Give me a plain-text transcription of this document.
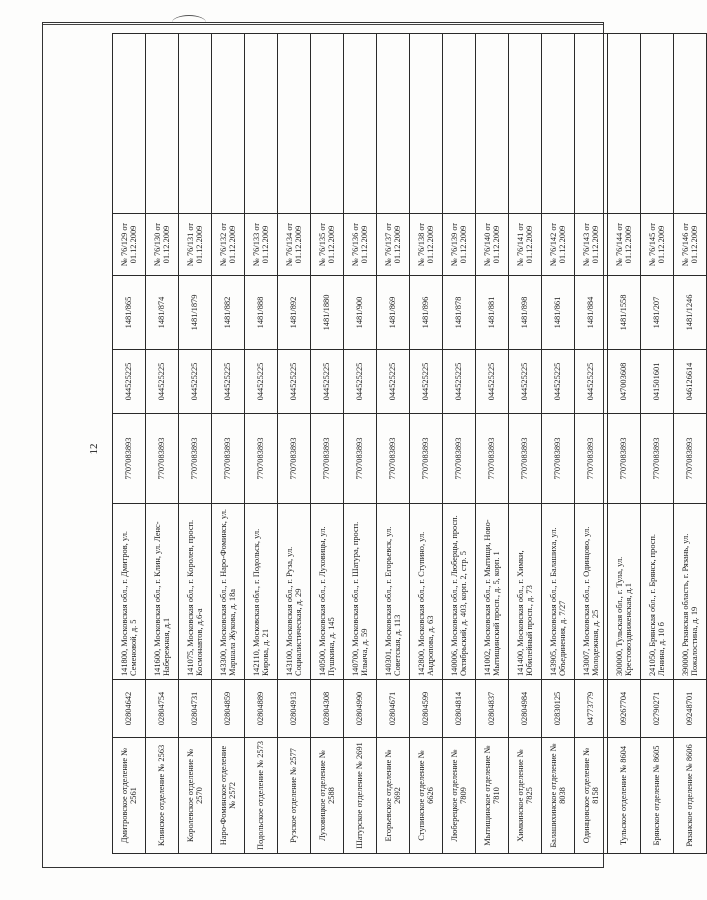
12
Дмитровское отделение № 2561	02804642	141800, Московская обл., г. Дмитров, ул. Семеновой, д. 5	7707083893	044525225	1481/865	№ 76/129 от 01.12.2009	
Клинское отделение № 2563	02804754	141600, Московская обл., г. Клин, ул. Ленс-Набережная, д.1	7707083893	044525225	1481/874	№ 76/130 от 01.12.2009	
Королевское отделение № 2570	02804731	141075, Московская обл., г. Королев, просп. Космонавтов, д.6-а	7707083893	044525225	1481/1879	№ 76/131 от 01.12.2009	
Наро-Фоминское отделение № 2572	02804859	143300, Московская обл., г. Наро-Фоминск, ул. Маршала Жукова, д. 18а	7707083893	044525225	1481/882	№ 76/132 от 01.12.2009	
Подольское отделение № 2573	02804889	142110, Московская обл., г. Подольск, ул. Кирова, д. 21	7707083893	044525225	1481/888	№ 76/133 от 01.12.2009	
Рузское отделение № 2577	02804913	143100, Московская обл., г. Руза, ул. Социалистическая, д. 29	7707083893	044525225	1481/892	№ 76/134 от 01.12.2009	
Луховицкое отделение № 2588	02804308	140500, Московская обл., г. Луховицы, ул. Пушкина, д. 145	7707083893	044525225	1481/1880	№ 76/135 от 01.12.2009	
Шатурское отделение № 2691	02804990	140700, Московская обл., г. Шатура, просп. Ильича, д. 59	7707083893	044525225	1481/900	№ 76/136 от 01.12.2009	
Егорьевское отделение № 2692	02804671	140301, Московская обл., г. Егорьевск, ул. Советская, д. 113	7707083893	044525225	1481/869	№ 76/137 от 01.12.2009	
Ступинское отделение № 6626	02804599	142800, Московская обл., г. Ступино, ул. Андропова, д. 63	7707083893	044525225	1481/896	№ 76/138 от 01.12.2009	
Люберецкое отделение № 7809	02804814	140006, Московская обл., г. Люберцы, просп. Октябрьский, д. 403, корп. 2, стр. 5	7707083893	044525225	1481/878	№ 76/139 от 01.12.2009	
Мытищинское отделение № 7810	02804837	141002, Московская обл., г. Мытищи, Ново-Мытищинский просп., д. 5, корп. 1	7707083893	044525225	1481/881	№ 76/140 от 01.12.2009	
Химкинское отделение № 7825	02804984	141400, Московская обл., г. Химки, Юбилейный просп., д. 73	7707083893	044525225	1481/898	№ 76/141 от 01.12.2009	
Балашихинское отделение № 8038	02830125	143905, Московская обл., г. Балашиха, ул. Объединения, д. 7/27	7707083893	044525225	1481/861	№ 76/142 от 01.12.2009	
Одинцовское отделение № 8158	04773779	143007, Московская обл., г. Одинцово, ул. Молодежная, д. 25	7707083893	044525225	1481/884	№ 76/143 от 01.12.2009	
Тульское отделение № 8604	09267704	300000, Тульская обл., г. Тула, ул. Крестовоздвиженская, д.1	7707083893	047003608	1481/1558	№ 76/144 от 01.12.2009	
Брянское отделение № 8605	02790271	241050, Брянская обл., г. Брянск, просп. Ленина, д. 10 б	7707083893	041501601	1481/207	№ 76/145 от 01.12.2009	
Рязанское отделение № 8606	09248701	390000, Рязанская область, г. Рязань, ул. Пожалостина, д. 19	7707083893	046126614	1481/1246	№ 76/146 от 01.12.2009	
